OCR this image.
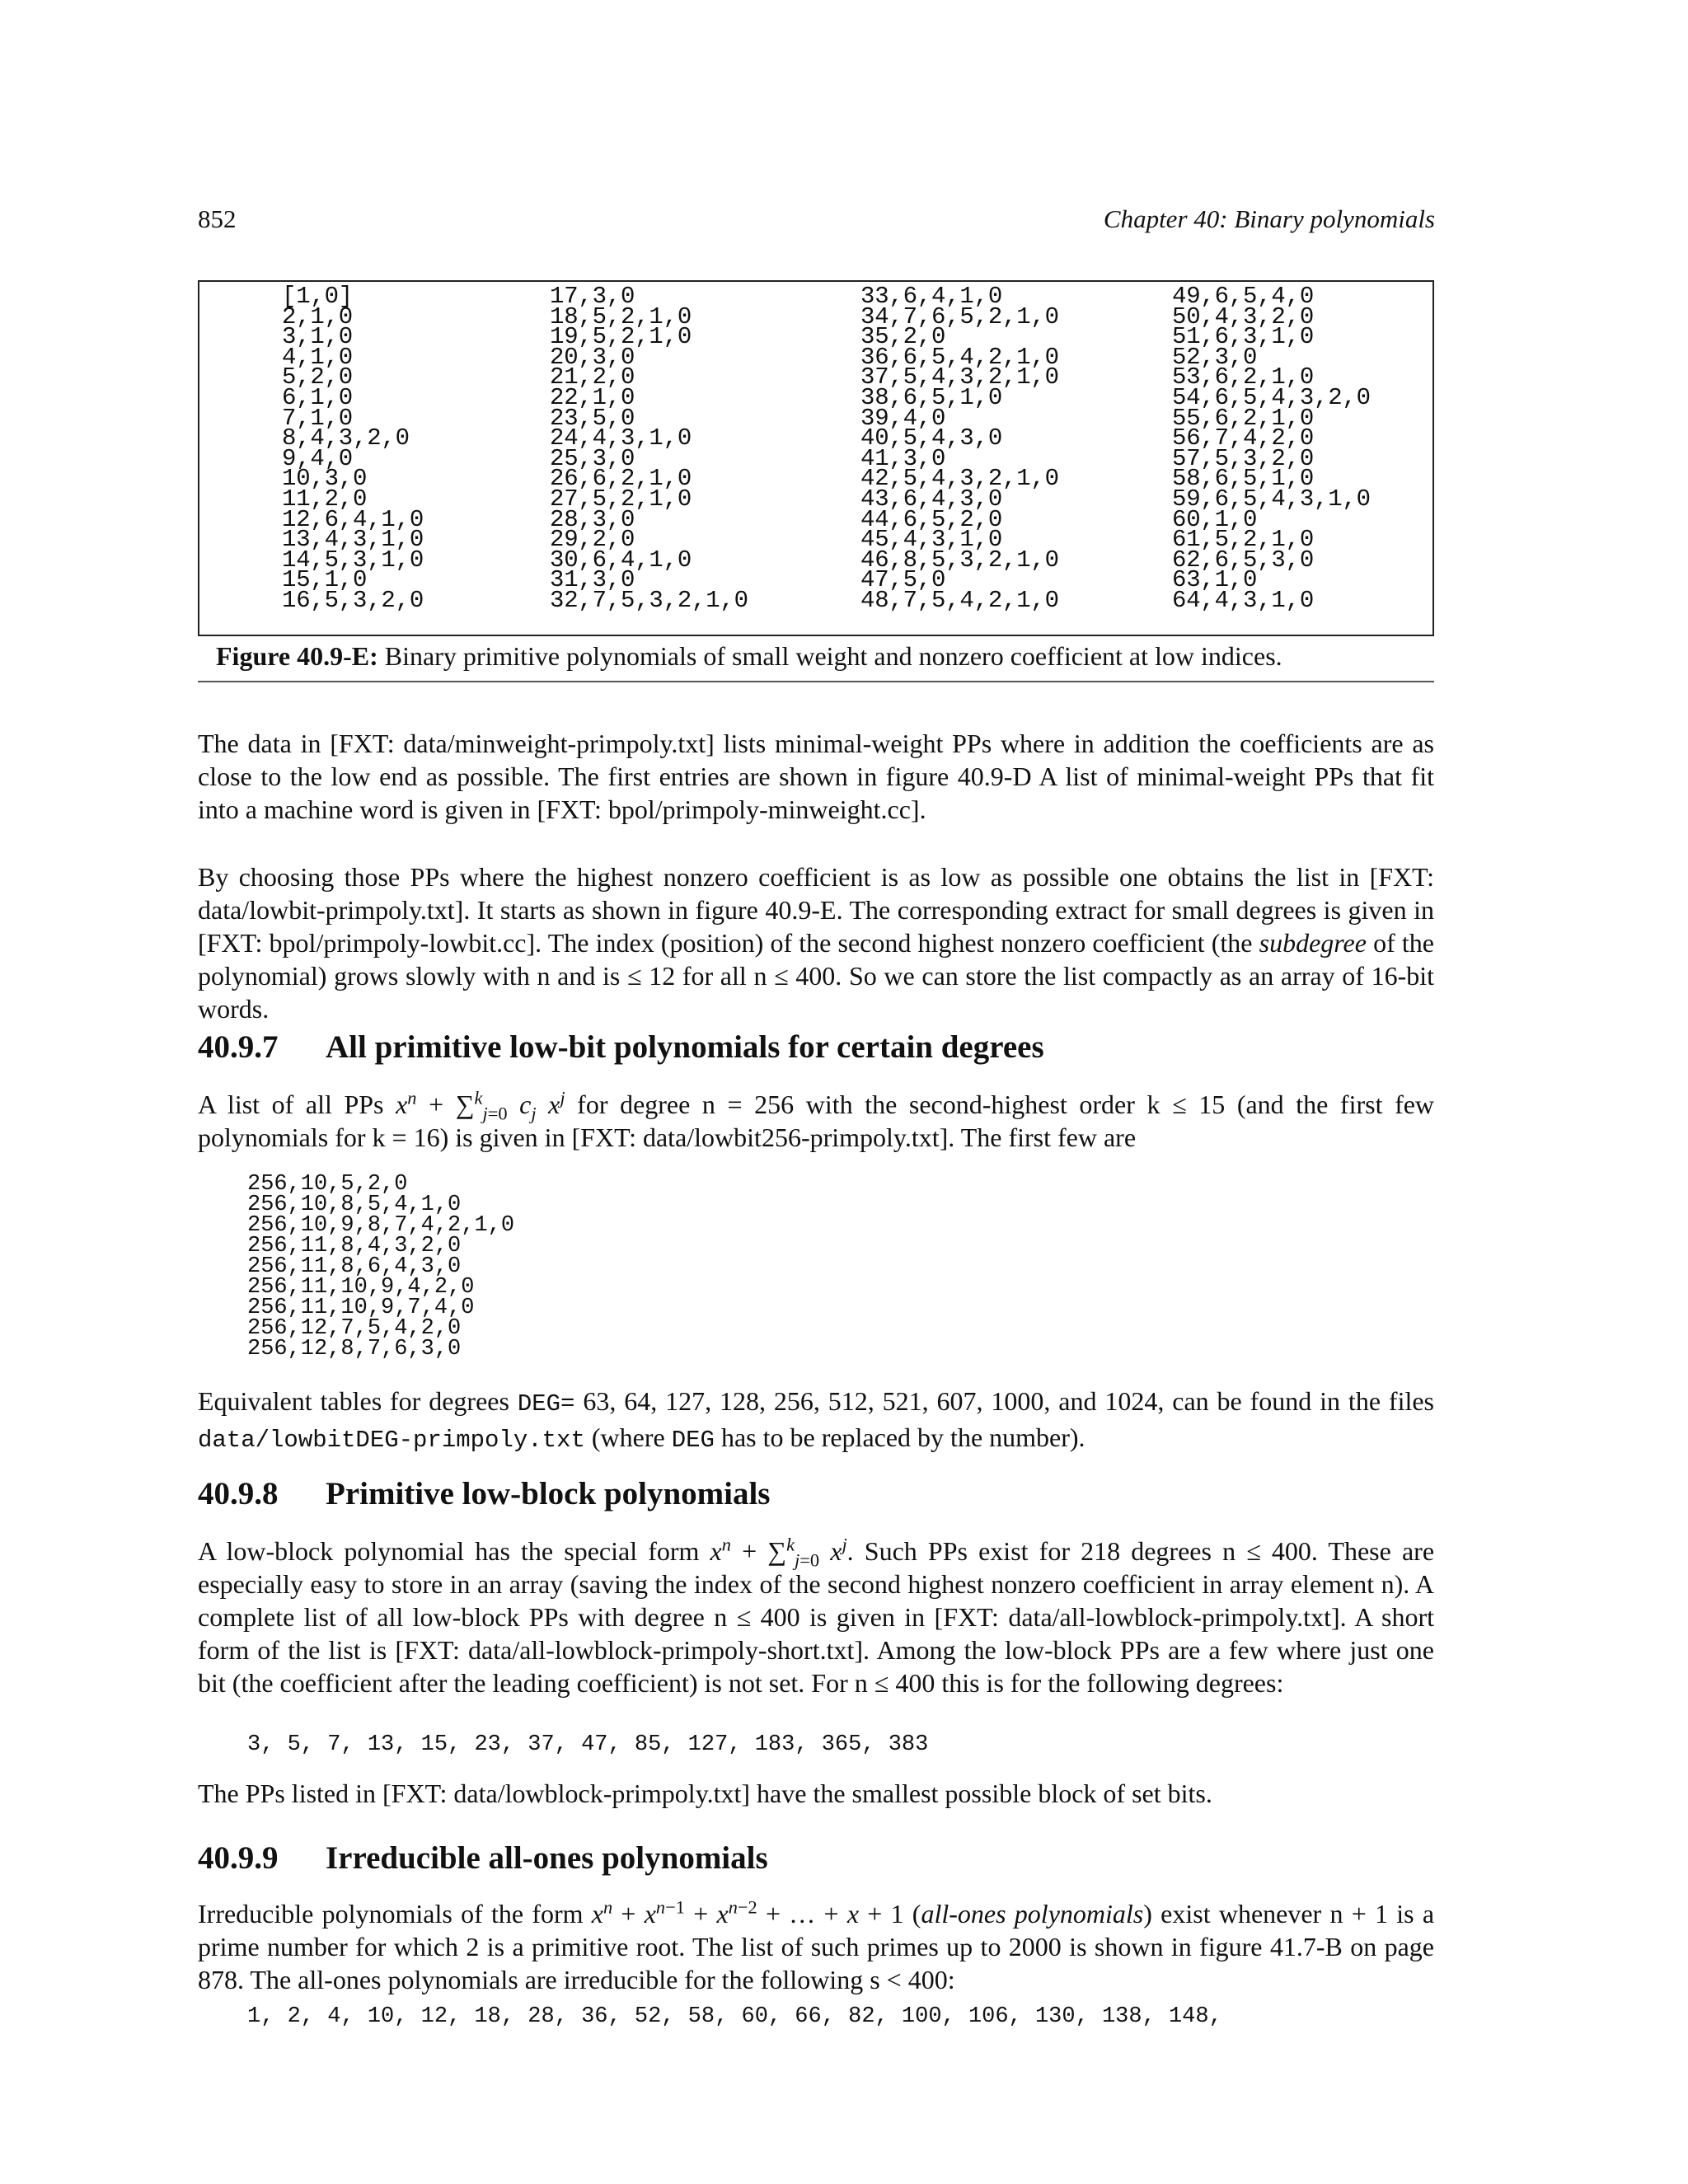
852	Chapter 40: Binary polynomials
[1,0]
2,1,0
3,1,0
4,1,0
5,2,0
6,1,0
7,1,0
8,4,3,2,0
9,4,0
10,3,0
11,2,0
12,6,4,1,0
13,4,3,1,0
14,5,3,1,0
15,1,0
16,5,3,2,0
17,3,0
18,5,2,1,0
19,5,2,1,0
20,3,0
21,2,0
22,1,0
23,5,0
24,4,3,1,0
25,3,0
26,6,2,1,0
27,5,2,1,0
28,3,0
29,2,0
30,6,4,1,0
31,3,0
32,7,5,3,2,1,0
33,6,4,1,0
34,7,6,5,2,1,0
35,2,0
36,6,5,4,2,1,0
37,5,4,3,2,1,0
38,6,5,1,0
39,4,0
40,5,4,3,0
41,3,0
42,5,4,3,2,1,0
43,6,4,3,0
44,6,5,2,0
45,4,3,1,0
46,8,5,3,2,1,0
47,5,0
48,7,5,4,2,1,0
49,6,5,4,0
50,4,3,2,0
51,6,3,1,0
52,3,0
53,6,2,1,0
54,6,5,4,3,2,0
55,6,2,1,0
56,7,4,2,0
57,5,3,2,0
58,6,5,1,0
59,6,5,4,3,1,0
60,1,0
61,5,2,1,0
62,6,5,3,0
63,1,0
64,4,3,1,0
Figure 40.9-E: Binary primitive polynomials of small weight and nonzero coefficient at low indices.
The data in [FXT: data/minweight-primpoly.txt] lists minimal-weight PPs where in addition the coefficients are as close to the low end as possible. The first entries are shown in figure 40.9-D A list of minimal-weight PPs that fit into a machine word is given in [FXT: bpol/primpoly-minweight.cc].
By choosing those PPs where the highest nonzero coefficient is as low as possible one obtains the list in [FXT: data/lowbit-primpoly.txt]. It starts as shown in figure 40.9-E. The corresponding extract for small degrees is given in [FXT: bpol/primpoly-lowbit.cc]. The index (position) of the second highest nonzero coefficient (the subdegree of the polynomial) grows slowly with n and is ≤ 12 for all n ≤ 400. So we can store the list compactly as an array of 16-bit words.
40.9.7 All primitive low-bit polynomials for certain degrees
A list of all PPs $x^n + \sum^k_{j=0}$ $c_j$ $x^j$ for degree n = 256 with the second-highest order k ≤ 15 (and the first few polynomials for k = 16) is given in [FXT: data/lowbit256-primpoly.txt]. The first few are
256,10,5,2,0
256,10,8,5,4,1,0
256,10,9,8,7,4,2,1,0
256,11,8,4,3,2,0
256,11,8,6,4,3,0
256,11,10,9,4,2,0
256,11,10,9,7,4,0
256,12,7,5,4,2,0
256,12,8,7,6,3,0
Equivalent tables for degrees DEG= 63, 64, 127, 128, 256, 512, 521, 607, 1000, and 1024, can be found in the files data/lowbitDEG-primpoly.txt (where DEG has to be replaced by the number).
40.9.8 Primitive low-block polynomials
A low-block polynomial has the special form $x^n + \sum^k_{j=0}$ $x^j$. Such PPs exist for 218 degrees n ≤ 400. These are especially easy to store in an array (saving the index of the second highest nonzero coefficient in array element n). A complete list of all low-block PPs with degree n ≤ 400 is given in [FXT: data/all-lowblock-primpoly.txt]. A short form of the list is [FXT: data/all-lowblock-primpoly-short.txt]. Among the low-block PPs are a few where just one bit (the coefficient after the leading coefficient) is not set. For n ≤ 400 this is for the following degrees:
3, 5, 7, 13, 15, 23, 37, 47, 85, 127, 183, 365, 383
The PPs listed in [FXT: data/lowblock-primpoly.txt] have the smallest possible block of set bits.
40.9.9 Irreducible all-ones polynomials
Irreducible polynomials of the form $x^n + x^{n-1} + x^{n-2}$ + … + x + 1 (all-ones polynomials) exist whenever n + 1 is a prime number for which 2 is a primitive root. The list of such primes up to 2000 is shown in figure 41.7-B on page 878. The all-ones polynomials are irreducible for the following s < 400:
1, 2, 4, 10, 12, 18, 28, 36, 52, 58, 60, 66, 82, 100, 106, 130, 138, 148,
